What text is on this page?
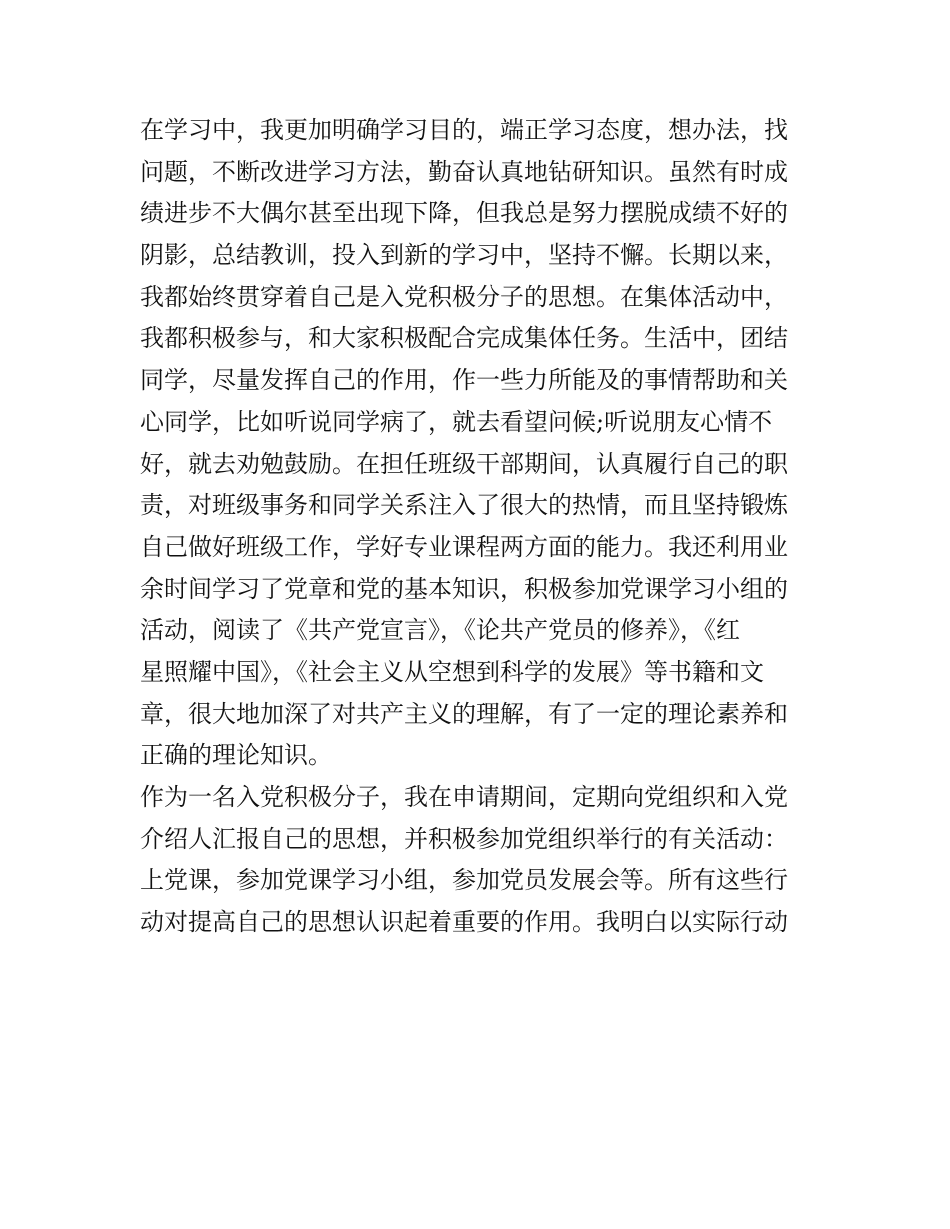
在学习中，我更加明确学习目的，端正学习态度，想办法，找
问题，不断改进学习方法，勤奋认真地钻研知识。虽然有时成
绩进步不大偶尔甚至出现下降，但我总是努力摆脱成绩不好的
阴影，总结教训，投入到新的学习中，坚持不懈。长期以来，
我都始终贯穿着自己是入党积极分子的思想。在集体活动中，
我都积极参与，和大家积极配合完成集体任务。生活中，团结
同学，尽量发挥自己的作用，作一些力所能及的事情帮助和关
心同学，比如听说同学病了，就去看望问候;听说朋友心情不
好，就去劝勉鼓励。在担任班级干部期间，认真履行自己的职
责，对班级事务和同学关系注入了很大的热情，而且坚持锻炼
自己做好班级工作，学好专业课程两方面的能力。我还利用业
余时间学习了党章和党的基本知识，积极参加党课学习小组的
活动，阅读了《共产党宣言》，《论共产党员的修养》，《红
星照耀中国》，《社会主义从空想到科学的发展》等书籍和文
章，很大地加深了对共产主义的理解，有了一定的理论素养和
正确的理论知识。
作为一名入党积极分子，我在申请期间，定期向党组织和入党
介绍人汇报自己的思想，并积极参加党组织举行的有关活动：
上党课，参加党课学习小组，参加党员发展会等。所有这些行
动对提高自己的思想认识起着重要的作用。我明白以实际行动
